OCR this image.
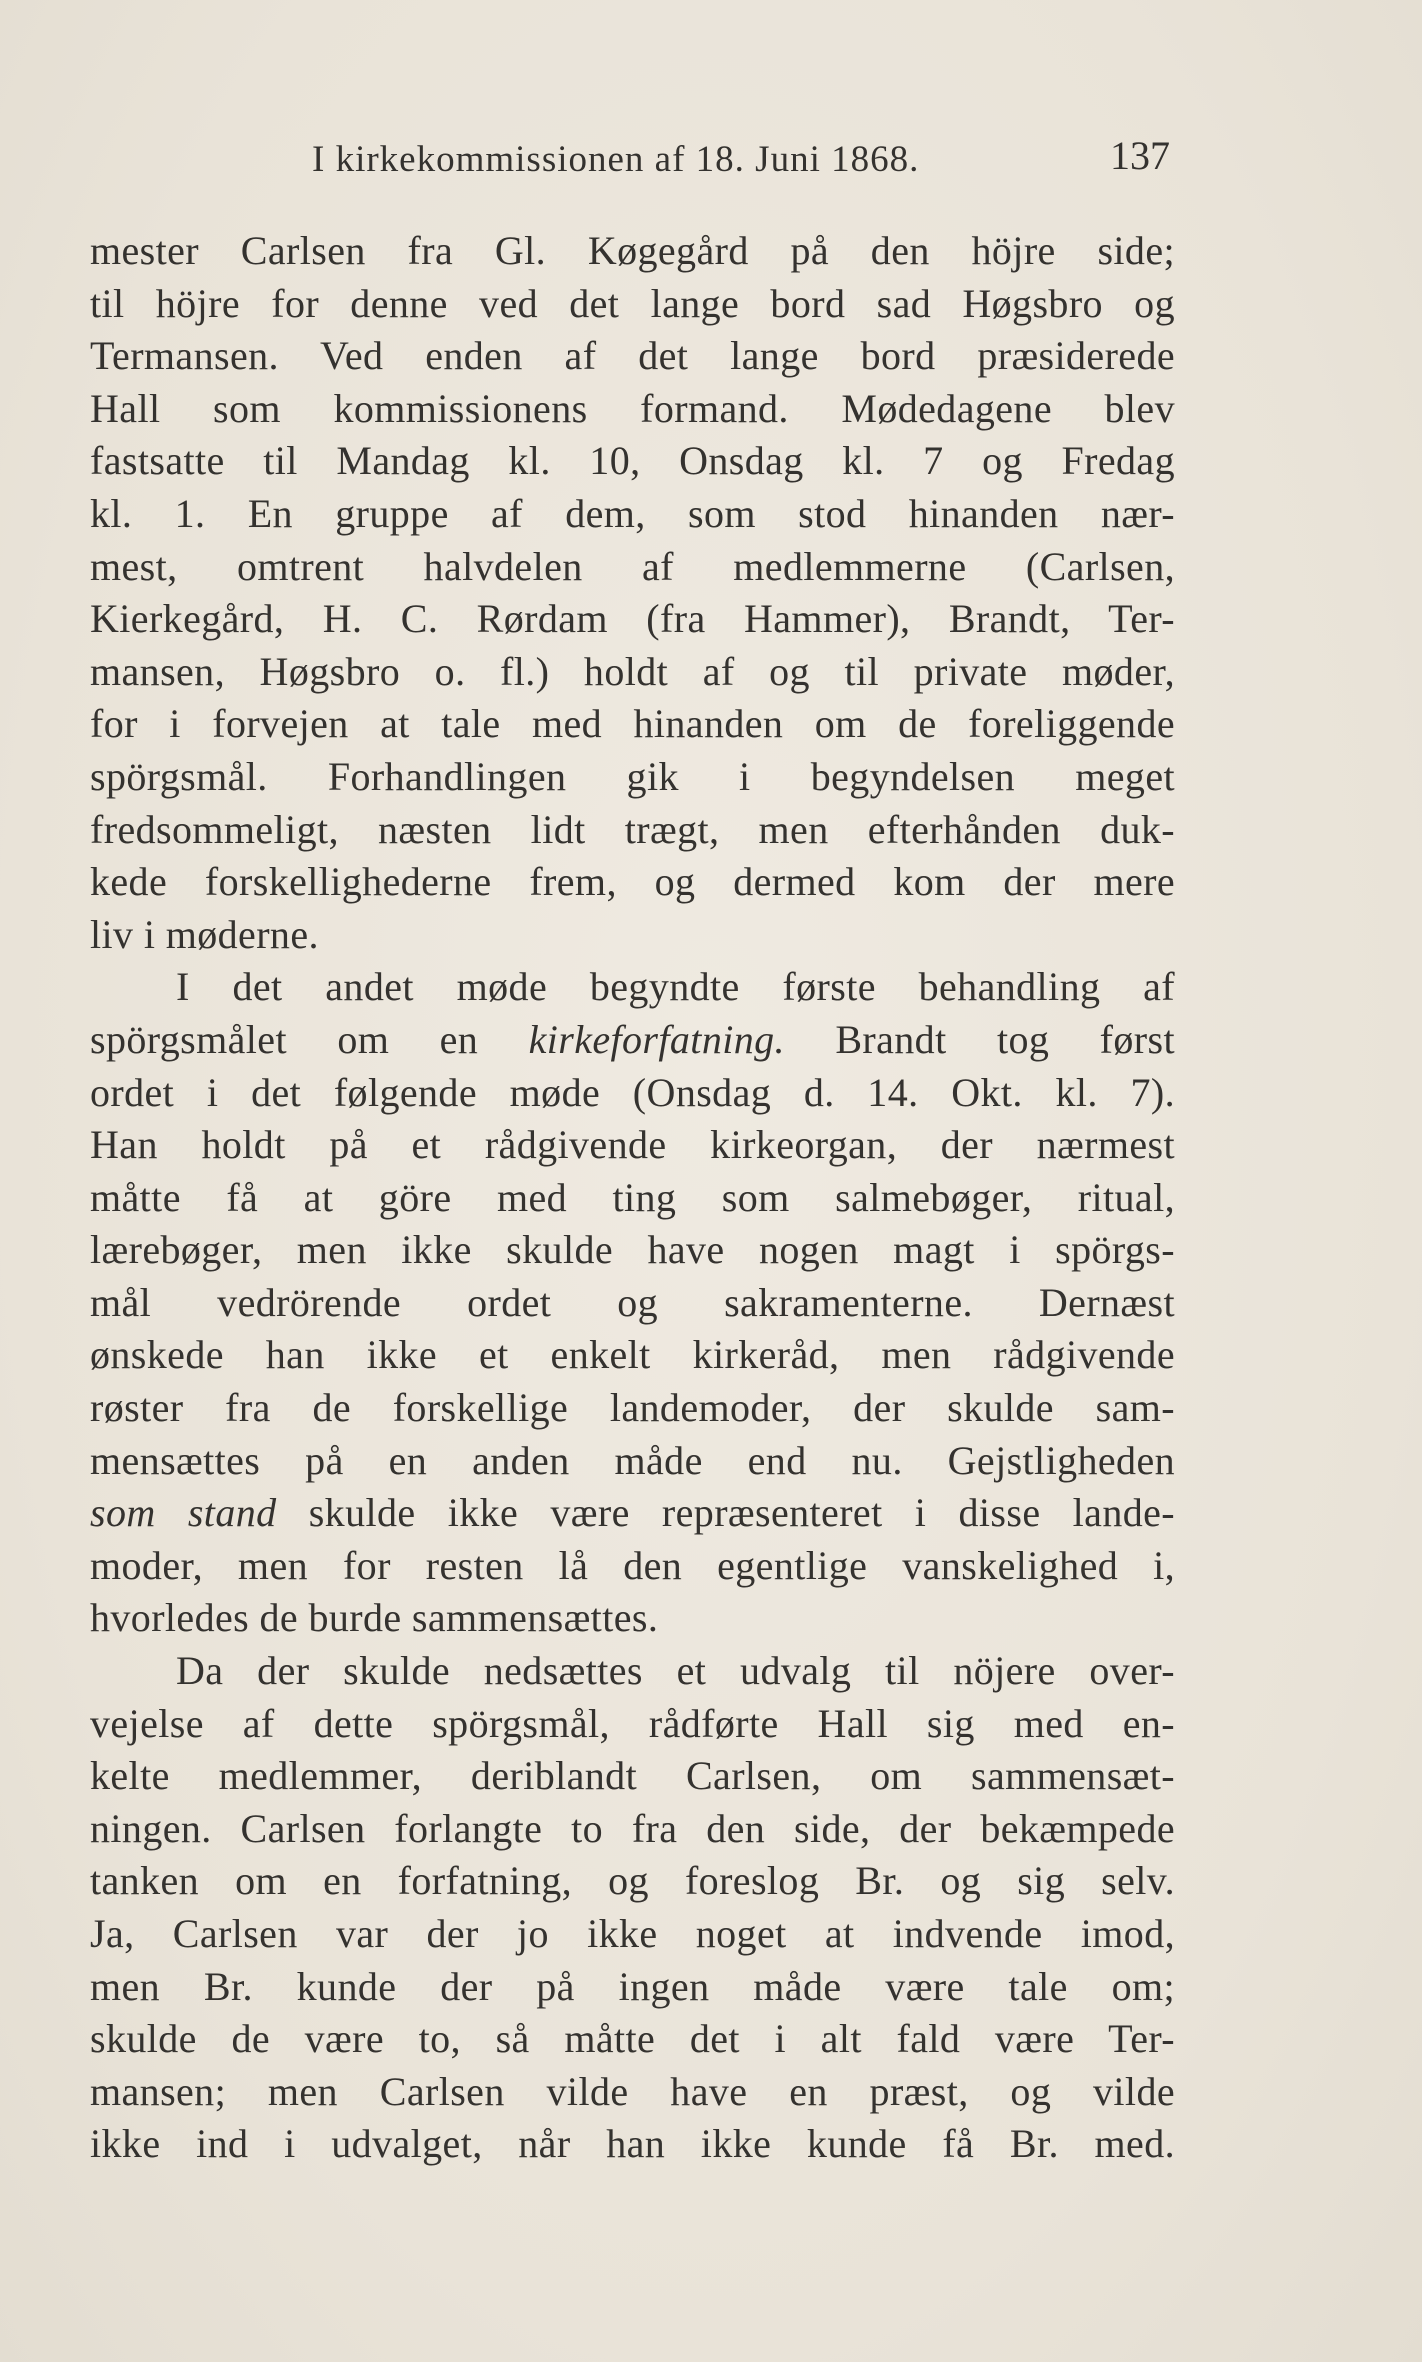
I kirkekommissionen af 18. Juni 1868.	137
mester Carlsen fra Gl. Køgegård på den höjre side;
til höjre for denne ved det lange bord sad Høgsbro og
Termansen. Ved enden af det lange bord præsiderede
Hall som kommissionens formand. Mødedagene blev
fastsatte til Mandag kl. 10, Onsdag kl. 7 og Fredag
kl. 1. En gruppe af dem, som stod hinanden nær-
mest, omtrent halvdelen af medlemmerne (Carlsen,
Kierkegård, H. C. Rørdam (fra Hammer), Brandt, Ter-
mansen, Høgsbro o. fl.) holdt af og til private møder,
for i forvejen at tale med hinanden om de foreliggende
spörgsmål. Forhandlingen gik i begyndelsen meget
fredsommeligt, næsten lidt trægt, men efterhånden duk-
kede forskellighederne frem, og dermed kom der mere
liv i møderne.
I det andet møde begyndte første behandling af
spörgsmålet om en kirkeforfatning. Brandt tog først
ordet i det følgende møde (Onsdag d. 14. Okt. kl. 7).
Han holdt på et rådgivende kirkeorgan, der nærmest
måtte få at göre med ting som salmebøger, ritual,
lærebøger, men ikke skulde have nogen magt i spörgs-
mål vedrörende ordet og sakramenterne. Dernæst
ønskede han ikke et enkelt kirkeråd, men rådgivende
røster fra de forskellige landemoder, der skulde sam-
mensættes på en anden måde end nu. Gejstligheden
som stand skulde ikke være repræsenteret i disse lande-
moder, men for resten lå den egentlige vanskelighed i,
hvorledes de burde sammensættes.
Da der skulde nedsættes et udvalg til nöjere over-
vejelse af dette spörgsmål, rådførte Hall sig med en-
kelte medlemmer, deriblandt Carlsen, om sammensæt-
ningen. Carlsen forlangte to fra den side, der bekæmpede
tanken om en forfatning, og foreslog Br. og sig selv.
Ja, Carlsen var der jo ikke noget at indvende imod,
men Br. kunde der på ingen måde være tale om;
skulde de være to, så måtte det i alt fald være Ter-
mansen; men Carlsen vilde have en præst, og vilde
ikke ind i udvalget, når han ikke kunde få Br. med.
